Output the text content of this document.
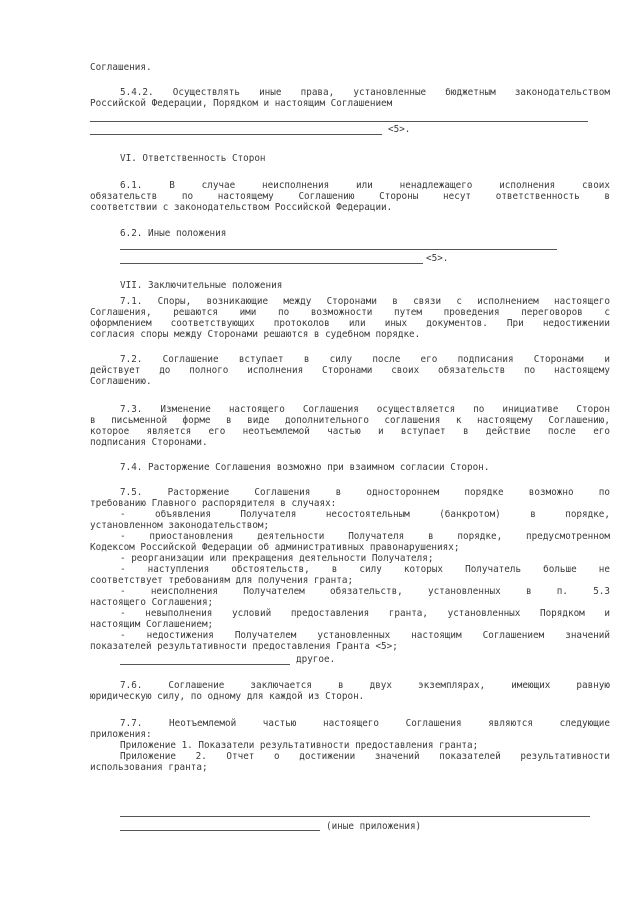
Соглашения.
5.4.2. Осуществлять иные права, установленные бюджетным законодательством
Российской Федерации, Порядком и настоящим Соглашением
<5>.
VI. Ответственность Сторон
6.1. В случае неисполнения или ненадлежащего исполнения своих
обязательств по настоящему Соглашению Стороны несут ответственность в
соответствии с законодательством Российской Федерации.
6.2. Иные положения
<5>.
VII. Заключительные положения
7.1. Споры, возникающие между Сторонами в связи с исполнением настоящего
Соглашения, решаются ими по возможности путем проведения переговоров с
оформлением соответствующих протоколов или иных документов. При недостижении
согласия споры между Сторонами решаются в судебном порядке.
7.2. Соглашение вступает в силу после его подписания Сторонами и
действует до полного исполнения Сторонами своих обязательств по настоящему
Соглашению.
7.3. Изменение настоящего Соглашения осуществляется по инициативе Сторон
в письменной форме в виде дополнительного соглашения к настоящему Соглашению,
которое является его неотъемлемой частью и вступает в действие после его
подписания Сторонами.
7.4. Расторжение Соглашения возможно при взаимном согласии Сторон.
7.5. Расторжение Соглашения в одностороннем порядке возможно по
требованию Главного распорядителя в случаях:
- объявления Получателя несостоятельным (банкротом) в порядке,
установленном законодательством;
- приостановления деятельности Получателя в порядке, предусмотренном
Кодексом Российской Федерации об административных правонарушениях;
- реорганизации или прекращения деятельности Получателя;
- наступления обстоятельств, в силу которых Получатель больше не
соответствует требованиям для получения гранта;
- неисполнения Получателем обязательств, установленных в п. 5.3
настоящего Соглашения;
- невыполнения условий предоставления гранта, установленных Порядком и
настоящим Соглашением;
- недостижения Получателем установленных настоящим Соглашением значений
показателей результативности предоставления Гранта <5>;
другое.
7.6. Соглашение заключается в двух экземплярах, имеющих равную
юридическую силу, по одному для каждой из Сторон.
7.7. Неотъемлемой частью настоящего Соглашения являются следующие
приложения:
Приложение 1. Показатели результативности предоставления гранта;
Приложение 2. Отчет о достижении значений показателей результативности
использования гранта;
(иные приложения)
